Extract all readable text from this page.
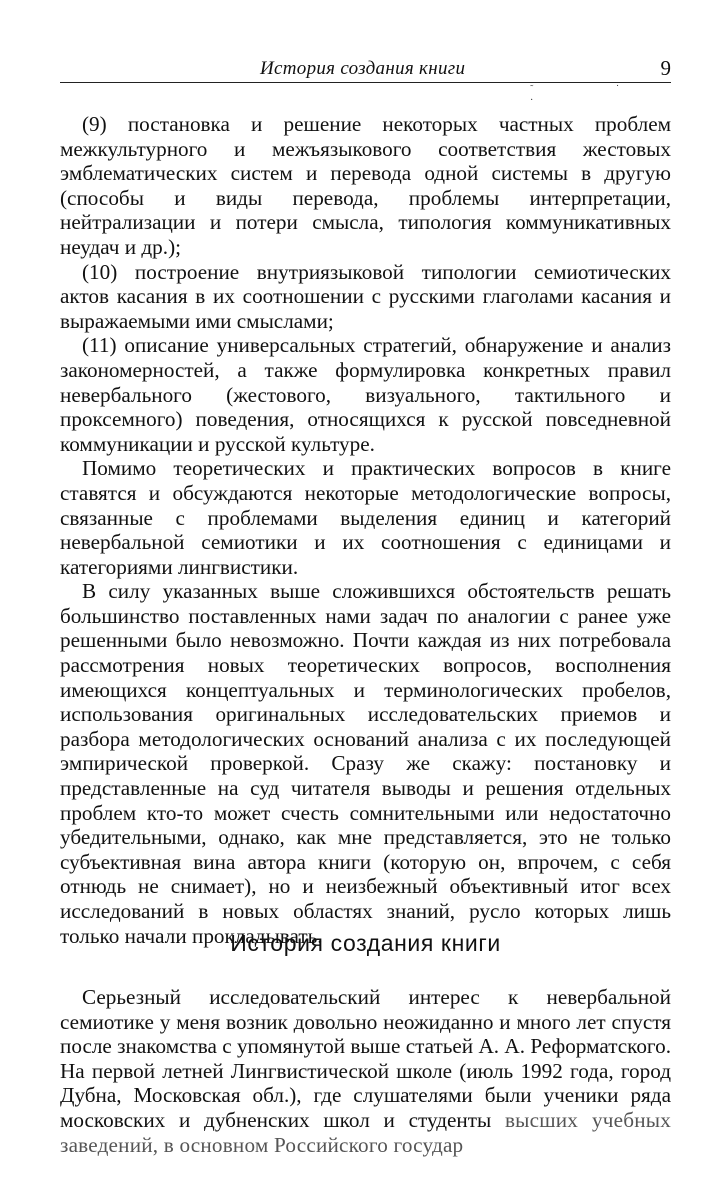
История создания книги	9
˜ ˙ ·

(9) постановка и решение некоторых частных проблем межкультурного и межъязыкового соответствия жестовых эмблематических систем и перевода одной системы в другую (способы и виды перевода, проблемы интерпретации, нейтрализации и потери смысла, типология коммуникативных неудач и др.);

(10) построение внутриязыковой типологии семиотических актов касания в их соотношении с русскими глаголами касания и выражаемыми ими смыслами;

(11) описание универсальных стратегий, обнаружение и анализ закономерностей, а также формулировка конкретных правил невербального (жестового, визуального, тактильного и проксемного) поведения, относящихся к русской повседневной коммуникации и русской культуре.

Помимо теоретических и практических вопросов в книге ставятся и обсуждаются некоторые методологические вопросы, связанные с проблемами выделения единиц и категорий невербальной семиотики и их соотношения с единицами и категориями лингвистики.

В силу указанных выше сложившихся обстоятельств решать большинство поставленных нами задач по аналогии с ранее уже решенными было невозможно. Почти каждая из них потребовала рассмотрения новых теоретических вопросов, восполнения имеющихся концептуальных и терминологических пробелов, использования оригинальных исследовательских приемов и разбора методологических оснований анализа с их последующей эмпирической проверкой. Сразу же скажу: постановку и представленные на суд читателя выводы и решения отдельных проблем кто-то может счесть сомнительными или недостаточно убедительными, однако, как мне представляется, это не только субъективная вина автора книги (которую он, впрочем, с себя отнюдь не снимает), но и неизбежный объективный итог всех исследований в новых областях знаний, русло которых лишь только начали прокладывать.

История создания книги

Серьезный исследовательский интерес к невербальной семиотике у меня возник довольно неожиданно и много лет спустя после знакомства с упомянутой выше статьей А. А. Реформатского. На первой летней Лингвистической школе (июль 1992 года, город Дубна, Московская обл.), где слушателями были ученики ряда московских и дубненских школ и студенты высших учебных заведений, в основном Российского государ
